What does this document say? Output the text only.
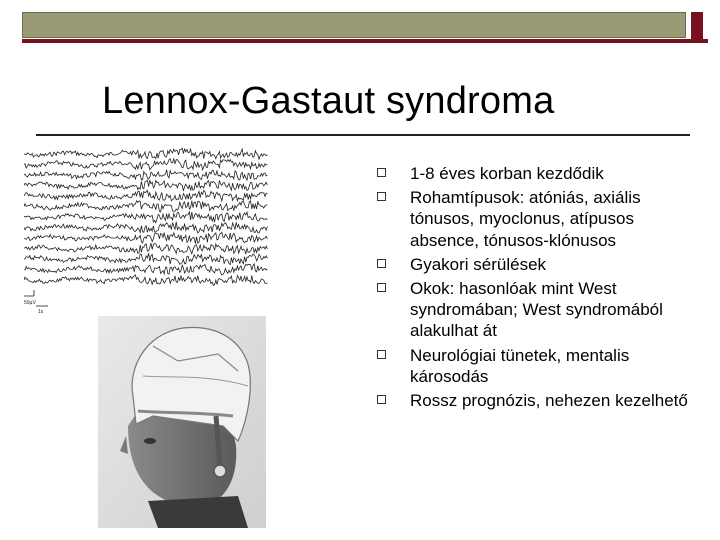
Lennox-Gastaut syndroma
50µV
1s
1-8 éves korban kezdődik
Rohamtípusok: atóniás, axiális tónusos, myoclonus, atípusos absence, tónusos-klónusos
Gyakori sérülések
Okok: hasonlóak mint West syndromában; West syndromából alakulhat át
Neurológiai tünetek, mentalis károsodás
Rossz prognózis, nehezen kezelhető
